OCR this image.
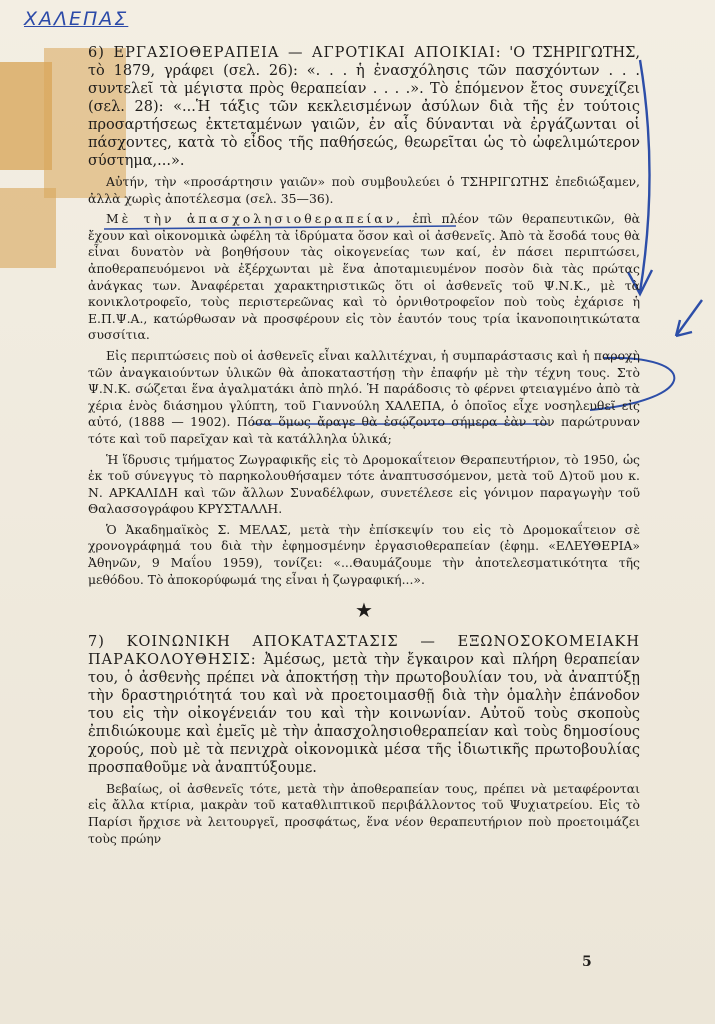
XAΛEΠAΣ

6) ΕΡΓΑΣΙΟΘΕΡΑΠΕΙΑ — ΑΓΡΟΤΙΚΑΙ ΑΠΟΙΚΙΑΙ: 'Ο ΤΣΗΡΙΓΩΤΗΣ, τὸ 1879, γράφει (σελ. 26): «. . . ἡ ἐνασχόλησις τῶν πασχόντων . . . συντελεῖ τὰ μέγιστα πρὸς θεραπείαν . . . .». Τὸ ἑπόμενον ἔτος συνεχίζει (σελ. 28): «...Ἡ τάξις τῶν κεκλεισμένων ἀσύλων διὰ τῆς ἐν τούτοις προσαρτήσεως ἐκτεταμένων γαιῶν, ἐν αἷς δύνανται νὰ ἐργάζωνται οἱ πάσχοντες, κατὰ τὸ εἶδος τῆς παθήσεώς, θεωρεῖται ὡς τὸ ὠφελιμώτερον σύστημα,...».

Αὐτήν, τὴν «προσάρτησιν γαιῶν» ποὺ συμβουλεύει ὁ ΤΣΗΡΙΓΩΤΗΣ ἐπεδιώξαμεν, ἀλλὰ χωρὶς ἀποτέλεσμα (σελ. 35—36).

Μὲ τὴν ἀπασχολησιοθεραπείαν, ἐπὶ πλέον τῶν θεραπευτικῶν, θὰ ἔχουν καὶ οἰκονομικὰ ὠφέλη τὰ ἱδρύματα ὅσον καὶ οἱ ἀσθενεῖς. Ἀπὸ τὰ ἔσοδά τους θὰ εἶναι δυνατὸν νὰ βοηθήσουν τὰς οἰκογενείας των καί, ἐν πάσει περιπτώσει, ἀποθεραπευόμενοι νὰ ἐξέρχωνται μὲ ἕνα ἀποταμιευμένον ποσὸν διὰ τὰς πρώτας ἀνάγκας των. Ἀναφέρεται χαρακτηριστικῶς ὅτι οἱ ἀσθενεῖς τοῦ Ψ.Ν.Κ., μὲ τὰ κονικλοτροφεῖο, τοὺς περιστερεῶνας καὶ τὸ ὀρνιθοτροφεῖον ποὺ τοὺς ἐχάρισε ἡ Ε.Π.Ψ.Α., κατώρθωσαν νὰ προσφέρουν εἰς τὸν ἑαυτόν τους τρία ἱκανοποιητικώτατα συσσίτια.

Εἰς περιπτώσεις ποὺ οἱ ἀσθενεῖς εἶναι καλλιτέχναι, ἡ συμπαράστασις καὶ ἡ παροχὴ τῶν ἀναγκαιούντων ὑλικῶν θὰ ἀποκαταστήσῃ τὴν ἐπαφήν μὲ τὴν τέχνη τους. Στὸ Ψ.Ν.Κ. σώζεται ἕνα ἀγαλματάκι ἀπὸ πηλό. Ἡ παράδοσις τὸ φέρνει φτειαγμένο ἀπὸ τὰ χέρια ἑνὸς διάσημου γλύπτη, τοῦ Γιαννούλη ΧΑΛΕΠΑ, ὁ ὁποῖος εἶχε νοσηλευθεῖ εἰς αὐτό, (1888 — 1902). Πόσα ὅμως ἄραγε θὰ ἐσῴζοντο σήμερα ἐὰν τὸν παρώτρυναν τότε καὶ τοῦ παρεῖχαν καὶ τὰ κατάλληλα ὑλικά;

Ἡ ἵδρυσις τμήματος Ζωγραφικῆς εἰς τὸ Δρομοκαΐτειον Θεραπευτήριον, τὸ 1950, ὡς ἐκ τοῦ σύνεγγυς τὸ παρηκολουθήσαμεν τότε ἀναπτυσσόμενον, μετὰ τοῦ Δ)τοῦ μου κ. Ν. ΑΡΚΑΛΙΔΗ καὶ τῶν ἄλλων Συναδέλφων, συνετέλεσε εἰς γόνιμον παραγωγὴν τοῦ Θαλασσογράφου ΚΡΥΣΤΑΛΛΗ.

Ὁ Ἀκαδημαϊκὸς Σ. ΜΕΛΑΣ, μετὰ τὴν ἐπίσκεψίν του εἰς τὸ Δρομοκαΐτειον σὲ χρονογράφημά του διὰ τὴν ἐφημοσμένην ἐργασιοθεραπείαν (ἐφημ. «ΕΛΕΥΘΕΡΙΑ» Ἀθηνῶν, 9 Μαΐου 1959), τονίζει: «...Θαυμάζουμε τὴν ἀποτελεσματικότητα τῆς μεθόδου. Τὸ ἀποκορύφωμά της εἶναι ἡ ζωγραφική...».

★

7) ΚΟΙΝΩΝΙΚΗ ΑΠΟΚΑΤΑΣΤΑΣΙΣ — ΕΞΩΝΟΣΟΚΟΜΕΙΑΚΗ ΠΑΡΑΚΟΛΟΥΘΗΣΙΣ: Ἀμέσως, μετὰ τὴν ἔγκαιρον καὶ πλήρη θεραπείαν του, ὁ ἀσθενὴς πρέπει νὰ ἀποκτήσῃ τὴν πρωτοβουλίαν του, νὰ ἀναπτύξῃ τὴν δραστηριότητά του καὶ νὰ προετοιμασθῇ διὰ τὴν ὁμαλὴν ἐπάνοδον του εἰς τὴν οἰκογένειάν του καὶ τὴν κοινωνίαν. Αὐτοῦ τοὺς σκοποὺς ἐπιδιώκουμε καὶ ἐμεῖς μὲ τὴν ἀπασχολησιοθεραπείαν καὶ τοὺς δημοσίους χορούς, ποὺ μὲ τὰ πενιχρὰ οἰκονομικὰ μέσα τῆς ἰδιωτικῆς πρωτοβουλίας προσπαθοῦμε νὰ ἀναπτύξουμε.

Βεβαίως, οἱ ἀσθενεῖς τότε, μετὰ τὴν ἀποθεραπείαν τους, πρέπει νὰ μεταφέρονται εἰς ἄλλα κτίρια, μακρὰν τοῦ καταθλιπτικοῦ περιβάλλοντος τοῦ Ψυχιατρείου. Εἰς τὸ Παρίσι ἤρχισε νὰ λειτουργεῖ, προσφάτως, ἕνα νέον θεραπευτήριον ποὺ προετοιμάζει τοὺς πρώην

5
